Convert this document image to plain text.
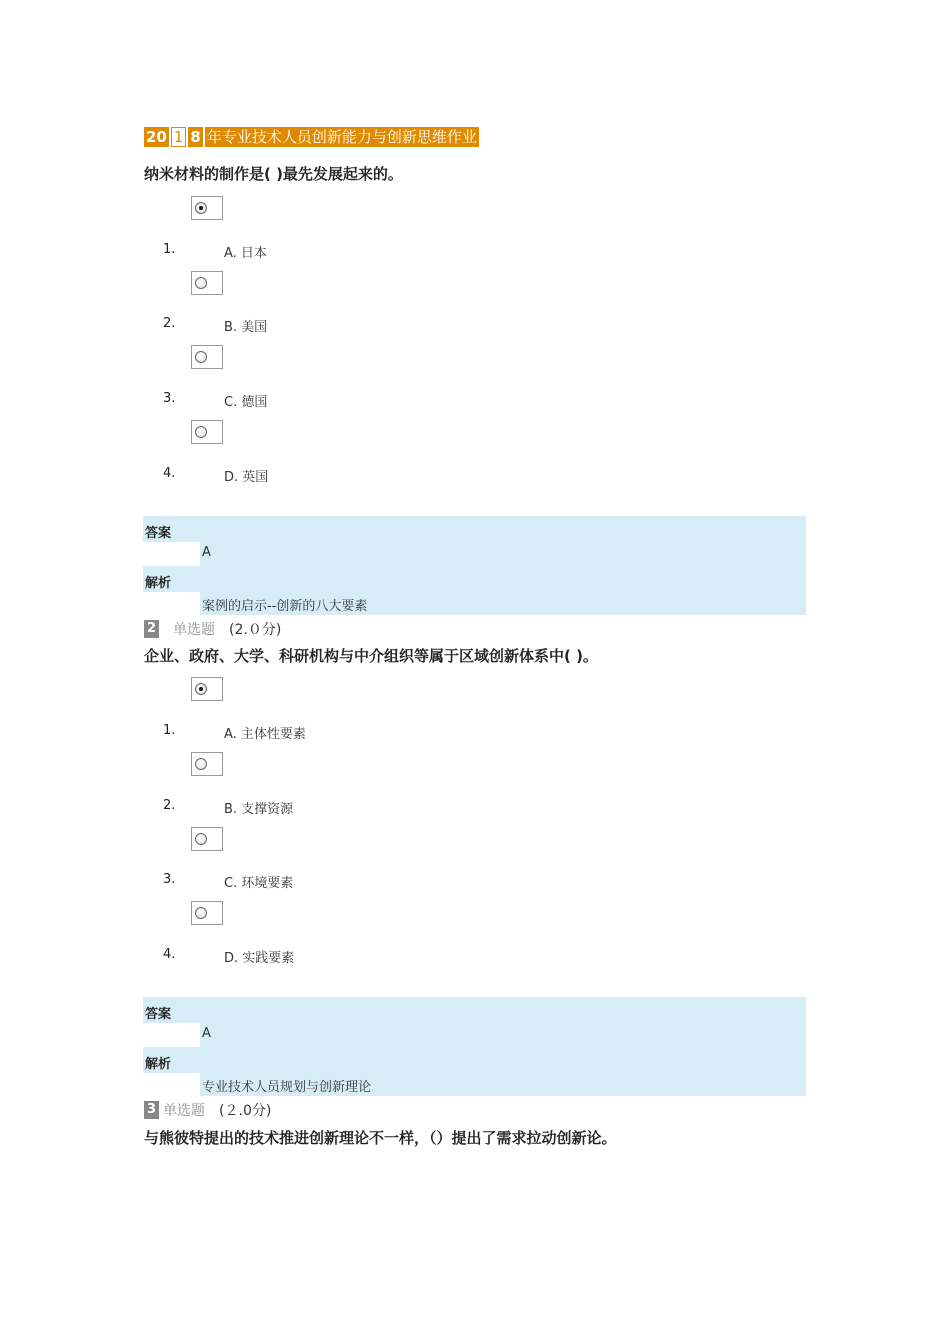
20 1 8 年专业技术人员创新能力与创新思维作业
纳米材料的制作是( )最先发展起来的。
1.	A. 日本
2.	B. 美国
3.	C. 德国
4.	D. 英国
答案
A
解析
案例的启示--创新的八大要素
2 单选题 (2.０分)
企业、政府、大学、科研机构与中介组织等属于区域创新体系中( )。
1.	A. 主体性要素
2.	B. 支撑资源
3.	C. 环境要素
4.	D. 实践要素
答案
A
解析
专业技术人员规划与创新理论
3 单选题 (２.0分)
与熊彼特提出的技术推进创新理论不一样，（）提出了需求拉动创新论。
